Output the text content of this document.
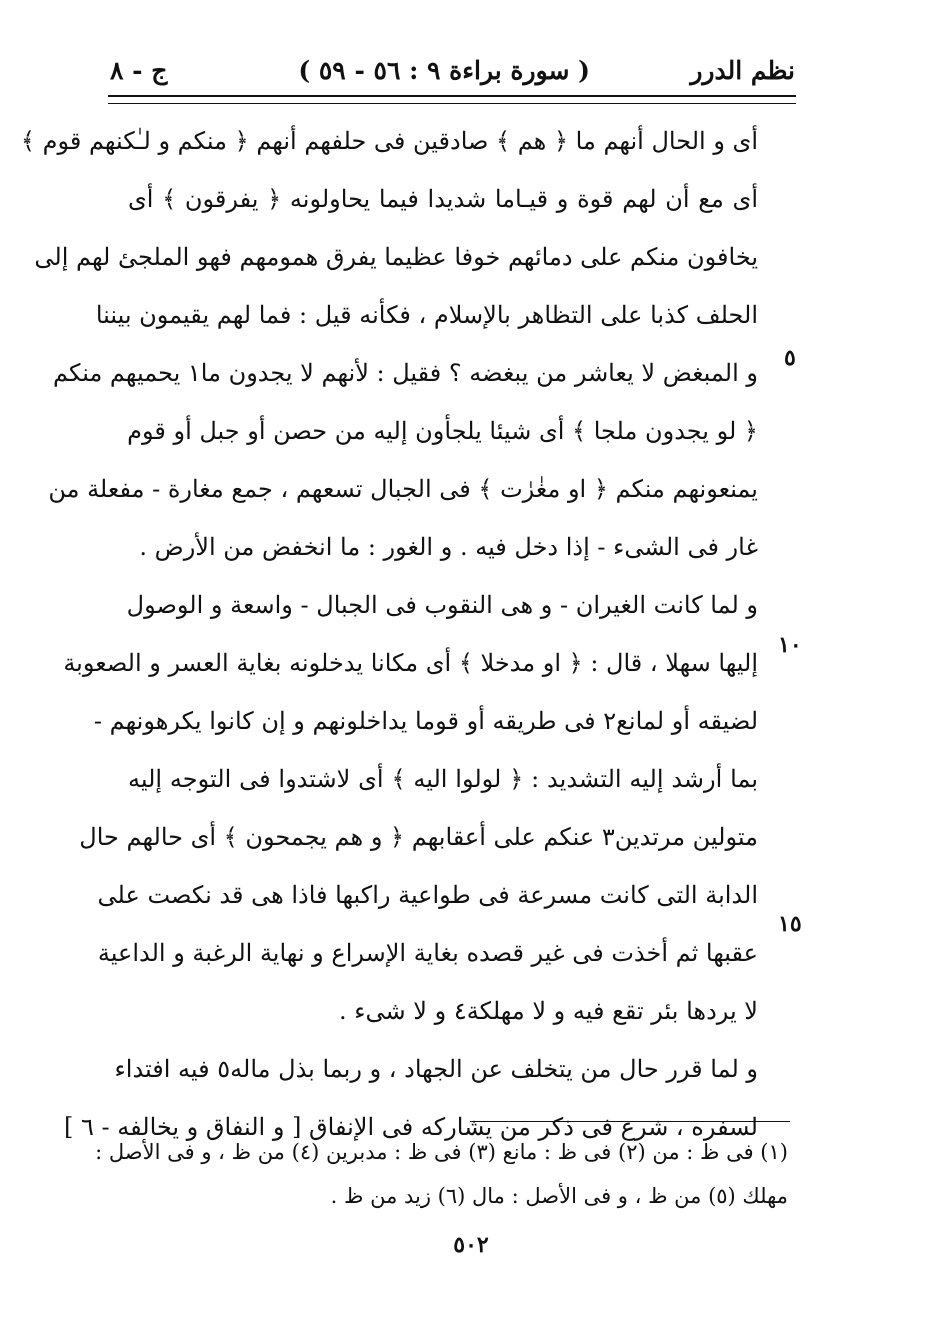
نظم الدرر
( سورة براءة ٩ : ٥٦ - ٥٩ )
ج - ٨
أى و الحال أنهم ما ﴿ هم ﴾ صادقين فى حلفهم أنهم ﴿ منكم و لـٰكنهم قوم ﴾
أى مع أن لهم قوة و قيـاما شديدا فيما يحاولونه ﴿ يفرقون ﴾ أى
يخافون منكم على دمائهم خوفا عظيما يفرق همومهم فهو الملجئ لهم إلى
الحلف كذبا على التظاهر بالإسلام ، فكأنه قيل : فما لهم يقيمون بيننا
و المبغض لا يعاشر من يبغضه ؟ فقيل : لأنهم لا يجدون ما١ يحميهم منكم
﴿ لو يجدون ملجا ﴾ أى شيئا يلجأون إليه من حصن أو جبل أو قوم
يمنعونهم منكم ﴿ او مغٰرٰت ﴾ فى الجبال تسعهم ، جمع مغارة - مفعلة من
غار فى الشىء - إذا دخل فيه . و الغور : ما انخفض من الأرض .
و لما كانت الغيران - و هى النقوب فى الجبال - واسعة و الوصول
إليها سهلا ، قال : ﴿ او مدخلا ﴾ أى مكانا يدخلونه بغاية العسر و الصعوبة
لضيقه أو لمانع٢ فى طريقه أو قوما يداخلونهم و إن كانوا يكرهونهم -
بما أرشد إليه التشديد : ﴿ لولوا اليه ﴾ أى لاشتدوا فى التوجه إليه
متولين مرتدين٣ عنكم على أعقابهم ﴿ و هم يجمحون ﴾ أى حالهم حال
الدابة التى كانت مسرعة فى طواعية راكبها فاذا هى قد نكصت على
عقبها ثم أخذت فى غير قصده بغاية الإسراع و نهاية الرغبة و الداعية
لا يردها بئر تقع فيه و لا مهلكة٤ و لا شىء .
و لما قرر حال من يتخلف عن الجهاد ، و ربما بذل ماله٥ فيه افتداء
لسفره ، شرع فى ذكر من يشاركه فى الإنفاق [ و النفاق و يخالفه - ٦ ]
٥
١٠
١٥
(١) فى ظ : من (٢) فى ظ : مانع (٣) فى ظ : مدبرين (٤) من ظ ، و فى الأصل :
مهلك (٥) من ظ ، و فى الأصل : مال (٦) زيد من ظ .
٥٠٢
